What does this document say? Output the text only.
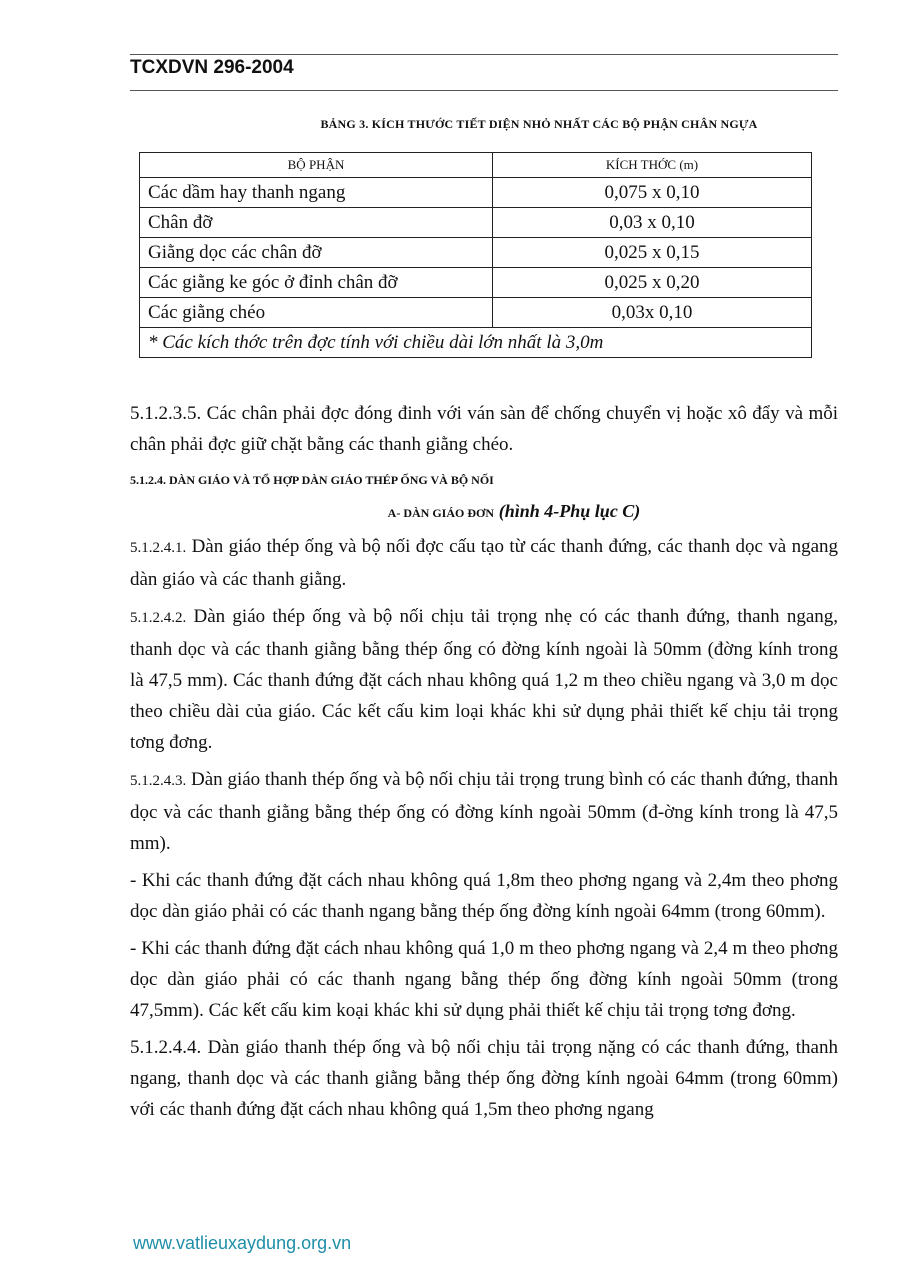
TCXDVN 296-2004
BẢNG 3. KÍCH THƯỚC TIẾT DIỆN NHỎ NHẤT CÁC BỘ PHẬN CHÂN NGỰA
BỘ PHẬN	KÍCH THỚC (m)
Các dầm hay thanh ngang	0,075 x 0,10
Chân đỡ	0,03 x 0,10
Giằng dọc các chân đỡ	0,025 x 0,15
Các giằng ke góc ở đỉnh chân đỡ	0,025 x 0,20
Các giằng chéo	0,03x 0,10
* Các kích thớc trên đợc tính với chiều dài lớn nhất là 3,0m	

5.1.2.3.5. Các chân phải đợc đóng đinh với ván sàn để chống chuyển vị hoặc xô đẩy và mỗi chân phải đợc giữ chặt bằng các thanh giằng chéo.

5.1.2.4. DÀN GIÁO VÀ TỔ HỢP DÀN GIÁO THÉP ỐNG VÀ BỘ NỐI

A- DÀN GIÁO ĐƠN (hình 4-Phụ lục C)

5.1.2.4.1. Dàn giáo thép ống và bộ nối đợc cấu tạo từ các thanh đứng, các thanh dọc và ngang dàn giáo và các thanh giằng.

5.1.2.4.2. Dàn giáo thép ống và bộ nối chịu tải trọng nhẹ có các thanh đứng, thanh ngang, thanh dọc và các thanh giằng bằng thép ống có đờng kính ngoài là 50mm (đờng kính trong là 47,5 mm). Các thanh đứng đặt cách nhau không quá 1,2 m theo chiều ngang và 3,0 m dọc theo chiều dài của giáo. Các kết cấu kim loại khác khi sử dụng phải thiết kế chịu tải trọng tơng đơng.

5.1.2.4.3. Dàn giáo thanh thép ống và bộ nối chịu tải trọng trung bình có các thanh đứng, thanh dọc và các thanh giằng bằng thép ống có đờng kính ngoài 50mm (đ-ờng kính trong là 47,5 mm).

- Khi các thanh đứng đặt cách nhau không quá 1,8m theo phơng ngang và 2,4m theo phơng dọc dàn giáo phải có các thanh ngang bằng thép ống đờng kính ngoài 64mm (trong 60mm).

- Khi các thanh đứng đặt cách nhau không quá 1,0 m theo phơng ngang và 2,4 m theo phơng dọc dàn giáo phải có các thanh ngang bằng thép ống đờng kính ngoài 50mm (trong 47,5mm). Các kết cấu kim koại khác khi sử dụng phải thiết kế chịu tải trọng tơng đơng.

5.1.2.4.4. Dàn giáo thanh thép ống và bộ nối chịu tải trọng nặng có các thanh đứng, thanh ngang, thanh dọc và các thanh giằng bằng thép ống đờng kính ngoài 64mm (trong 60mm) với các thanh đứng đặt cách nhau không quá 1,5m theo phơng ngang

www.vatlieuxaydung.org.vn
